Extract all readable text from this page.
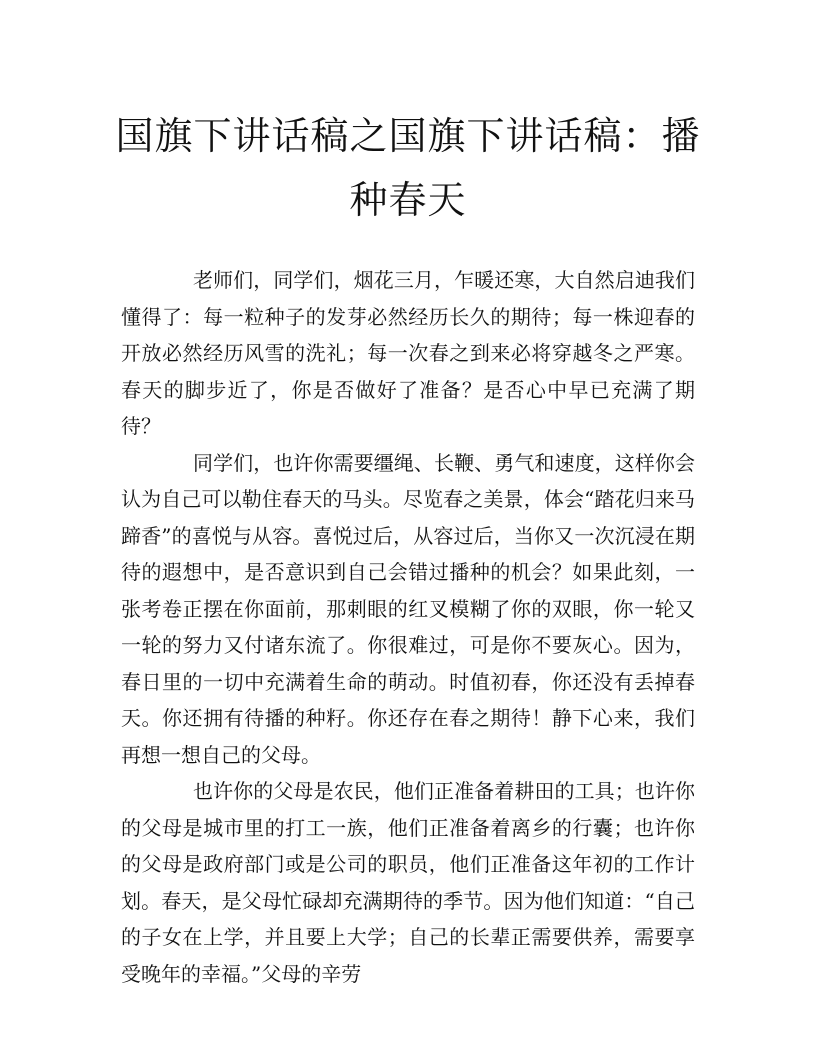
国旗下讲话稿之国旗下讲话稿：播种春天

老师们，同学们，烟花三月，乍暖还寒，大自然启迪我们懂得了：每一粒种子的发芽必然经历长久的期待；每一株迎春的开放必然经历风雪的洗礼；每一次春之到来必将穿越冬之严寒。春天的脚步近了，你是否做好了准备？是否心中早已充满了期待？

同学们，也许你需要缰绳、长鞭、勇气和速度，这样你会认为自己可以勒住春天的马头。尽览春之美景，体会“踏花归来马蹄香”的喜悦与从容。喜悦过后，从容过后，当你又一次沉浸在期待的遐想中，是否意识到自己会错过播种的机会？如果此刻，一张考卷正摆在你面前，那刺眼的红叉模糊了你的双眼，你一轮又一轮的努力又付诸东流了。你很难过，可是你不要灰心。因为，春日里的一切中充满着生命的萌动。时值初春，你还没有丢掉春天。你还拥有待播的种籽。你还存在春之期待！静下心来，我们再想一想自己的父母。

也许你的父母是农民，他们正准备着耕田的工具；也许你的父母是城市里的打工一族，他们正准备着离乡的行囊；也许你的父母是政府部门或是公司的职员，他们正准备这年初的工作计划。春天，是父母忙碌却充满期待的季节。因为他们知道：“自己的子女在上学，并且要上大学；自己的长辈正需要供养，需要享受晚年的幸福。”父母的辛劳
